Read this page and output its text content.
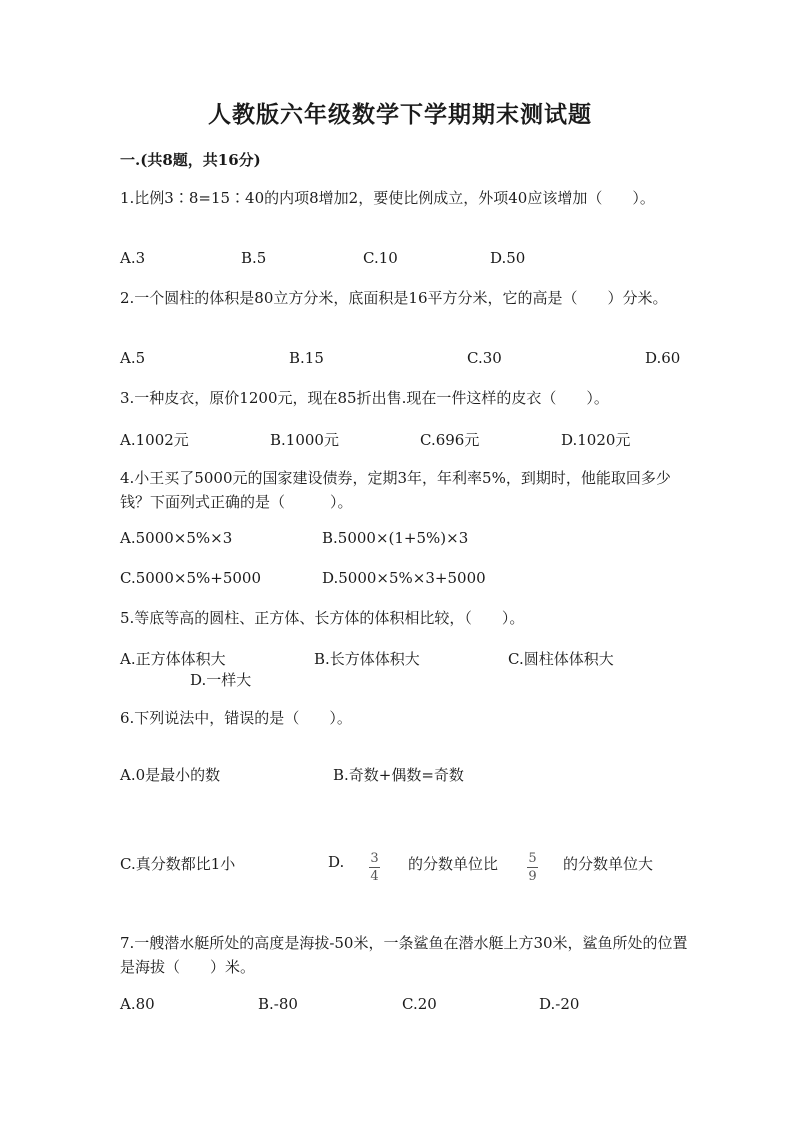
人教版六年级数学下学期期末测试题
一.(共8题，共16分)
1.比例3∶8=15∶40的内项8增加2，要使比例成立，外项40应该增加（　　）。
A.3	B.5	C.10	D.50
2.一个圆柱的体积是80立方分米，底面积是16平方分米，它的高是（　　）分米。
A.5	B.15	C.30	D.60
3.一种皮衣，原价1200元，现在85折出售.现在一件这样的皮衣（　　）。
A.1002元	B.1000元	C.696元	D.1020元
4.小王买了5000元的国家建设债券，定期3年，年利率5%，到期时，他能取回多少钱？下面列式正确的是（　　　）。
A.5000×5%×3	B.5000×(1+5%)×3
C.5000×5%+5000	D.5000×5%×3+5000
5.等底等高的圆柱、正方体、长方体的体积相比较，（　　）。
A.正方体体积大	B.长方体体积大	C.圆柱体体积大
D.一样大
6.下列说法中，错误的是（　　）。
A.0是最小的数	B.奇数+偶数=奇数
C.真分数都比1小	D. $\frac{3}{4}$ 的分数单位比 $\frac{5}{9}$ 的分数单位大
7.一艘潜水艇所处的高度是海拔-50米，一条鲨鱼在潜水艇上方30米，鲨鱼所处的位置是海拔（　　）米。
A.80	B.-80	C.20	D.-20
